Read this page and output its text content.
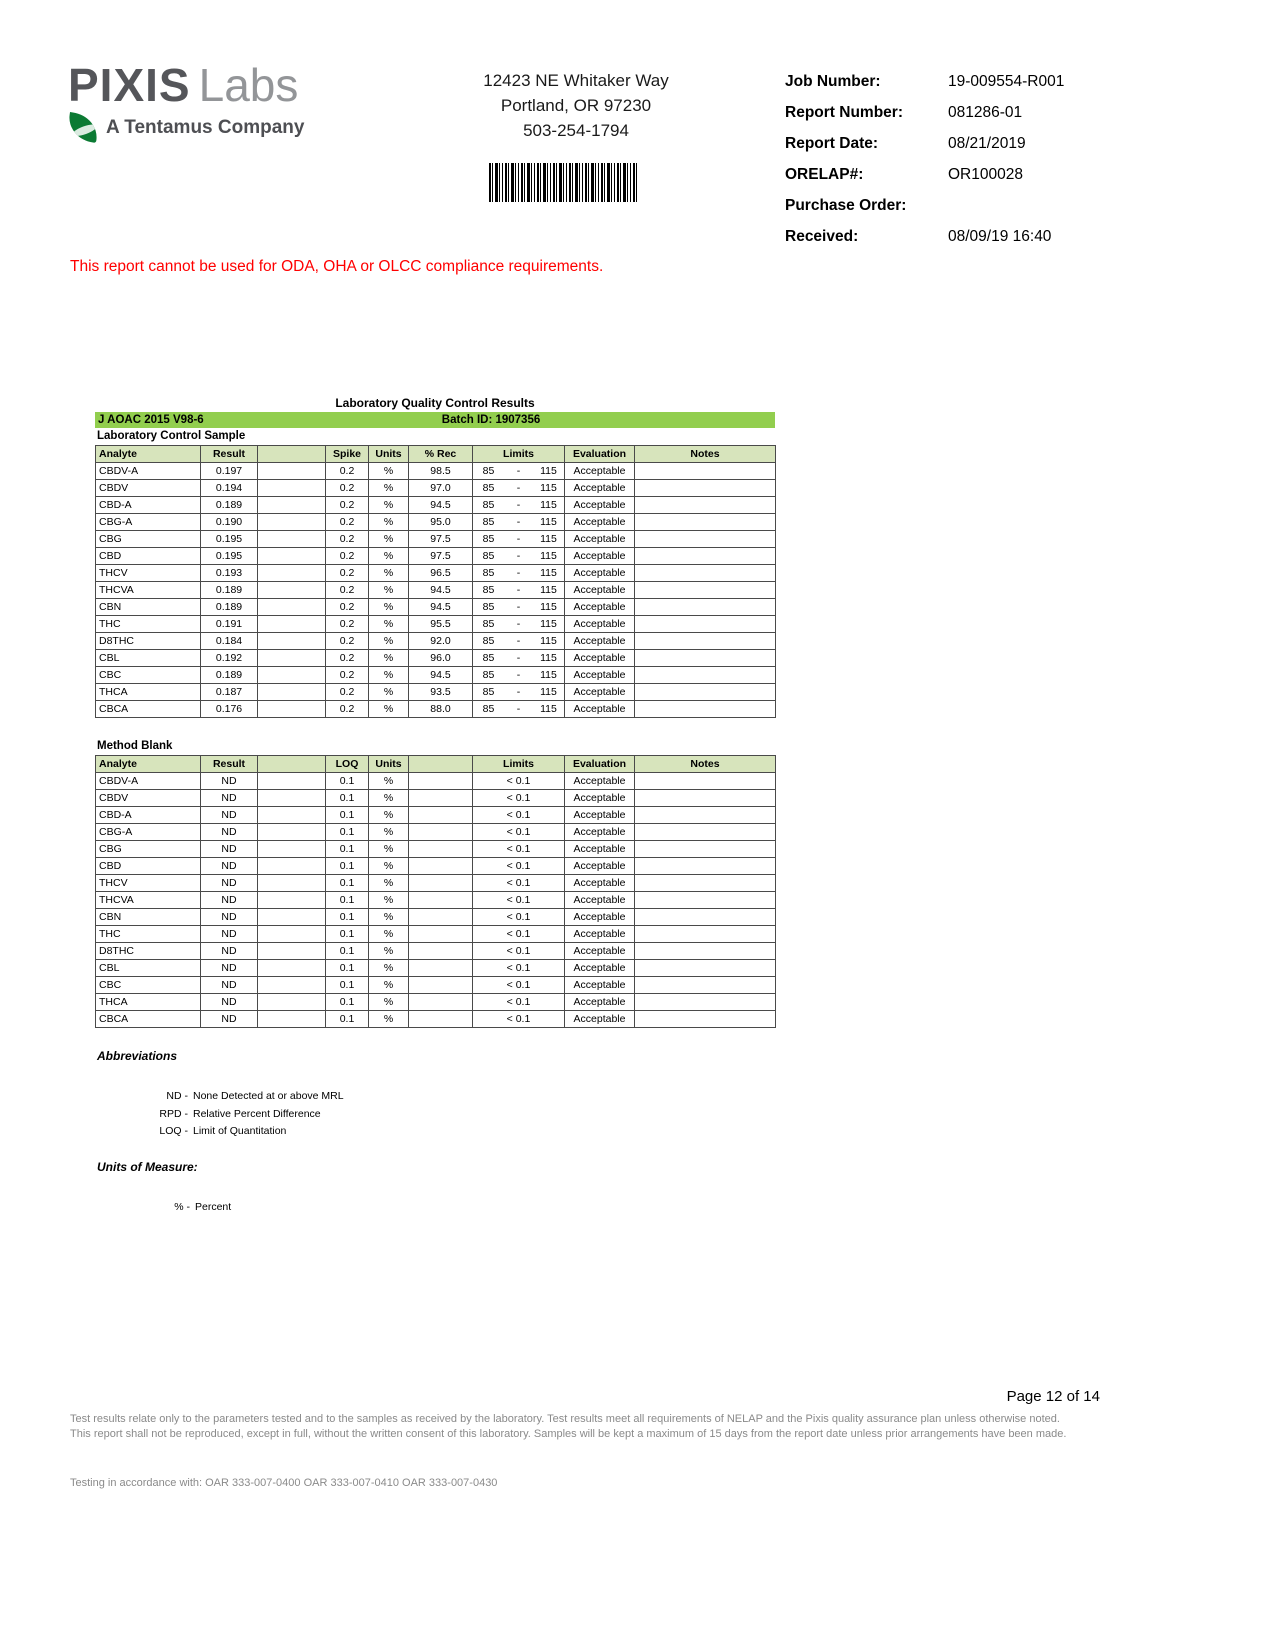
PIXIS Labs
A Tentamus Company
12423 NE Whitaker Way
Portland, OR 97230
503-254-1794
Job Number:	19-009554-R001
Report Number:	081286-01
Report Date:	08/21/2019
ORELAP#:	OR100028
Purchase Order:
Received:	08/09/19 16:40
This report cannot be used for ODA, OHA or OLCC compliance requirements.
Laboratory Quality Control Results
J AOAC 2015 V98-6	Batch ID: 1907356
Laboratory Control Sample
Analyte	Result		Spike	Units	% Rec	Limits	Evaluation	Notes
CBDV-A	0.197		0.2	%	98.5	85 - 115	Acceptable	
CBDV	0.194		0.2	%	97.0	85 - 115	Acceptable	
CBD-A	0.189		0.2	%	94.5	85 - 115	Acceptable	
CBG-A	0.190		0.2	%	95.0	85 - 115	Acceptable	
CBG	0.195		0.2	%	97.5	85 - 115	Acceptable	
CBD	0.195		0.2	%	97.5	85 - 115	Acceptable	
THCV	0.193		0.2	%	96.5	85 - 115	Acceptable	
THCVA	0.189		0.2	%	94.5	85 - 115	Acceptable	
CBN	0.189		0.2	%	94.5	85 - 115	Acceptable	
THC	0.191		0.2	%	95.5	85 - 115	Acceptable	
D8THC	0.184		0.2	%	92.0	85 - 115	Acceptable	
CBL	0.192		0.2	%	96.0	85 - 115	Acceptable	
CBC	0.189		0.2	%	94.5	85 - 115	Acceptable	
THCA	0.187		0.2	%	93.5	85 - 115	Acceptable	
CBCA	0.176		0.2	%	88.0	85 - 115	Acceptable	
Method Blank
Analyte	Result		LOQ	Units		Limits	Evaluation	Notes
CBDV-A	ND		0.1	%		< 0.1	Acceptable	
CBDV	ND		0.1	%		< 0.1	Acceptable	
CBD-A	ND		0.1	%		< 0.1	Acceptable	
CBG-A	ND		0.1	%		< 0.1	Acceptable	
CBG	ND		0.1	%		< 0.1	Acceptable	
CBD	ND		0.1	%		< 0.1	Acceptable	
THCV	ND		0.1	%		< 0.1	Acceptable	
THCVA	ND		0.1	%		< 0.1	Acceptable	
CBN	ND		0.1	%		< 0.1	Acceptable	
THC	ND		0.1	%		< 0.1	Acceptable	
D8THC	ND		0.1	%		< 0.1	Acceptable	
CBL	ND		0.1	%		< 0.1	Acceptable	
CBC	ND		0.1	%		< 0.1	Acceptable	
THCA	ND		0.1	%		< 0.1	Acceptable	
CBCA	ND		0.1	%		< 0.1	Acceptable	
Abbreviations
ND - None Detected at or above MRL
RPD - Relative Percent Difference
LOQ - Limit of Quantitation
Units of Measure:
% - Percent
Page 12 of 14
Test results relate only to the parameters tested and to the samples as received by the laboratory. Test results meet all requirements of NELAP and the Pixis quality assurance plan unless otherwise noted. This report shall not be reproduced, except in full, without the written consent of this laboratory. Samples will be kept a maximum of 15 days from the report date unless prior arrangements have been made.
Testing in accordance with: OAR 333-007-0400 OAR 333-007-0410 OAR 333-007-0430
